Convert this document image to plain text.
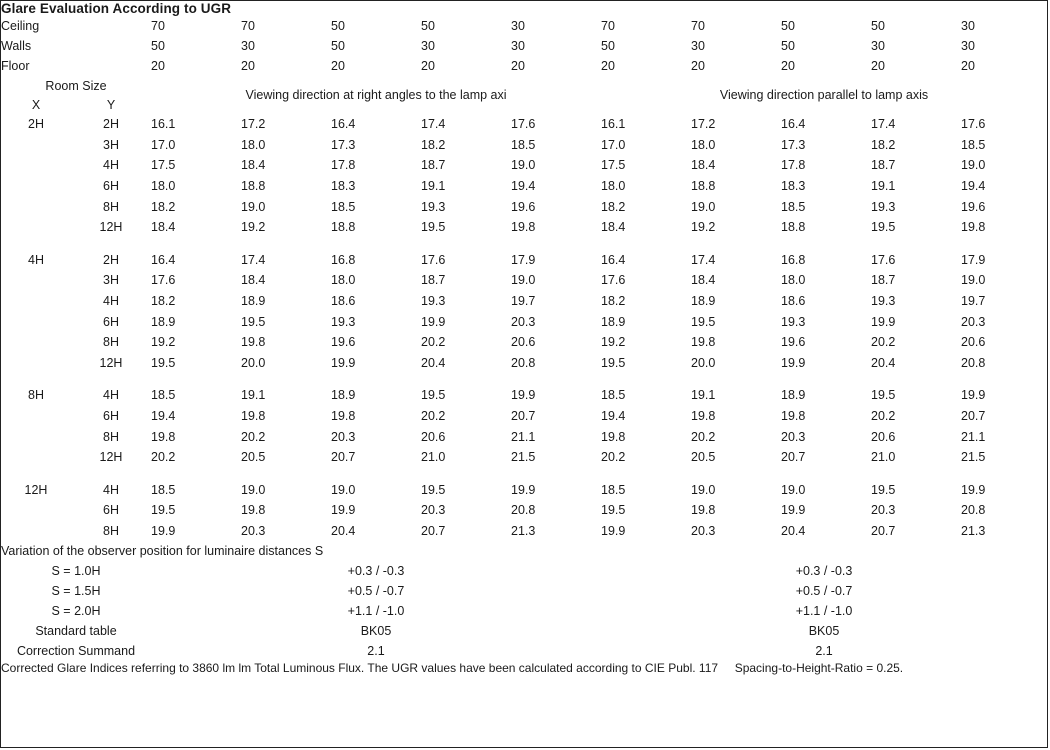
Glare Evaluation According to UGR											
Ceiling		70	70	50	50	30	70	70	50	50	30
Walls		50	30	50	30	30	50	30	50	30	30
Floor		20	20	20	20	20	20	20	20	20	20
Room Size		Viewing direction at right angles to the lamp axi					Viewing direction parallel to lamp axis				
X	Y										
2H	2H	16.1	17.2	16.4	17.4	17.6	16.1	17.2	16.4	17.4	17.6
	3H	17.0	18.0	17.3	18.2	18.5	17.0	18.0	17.3	18.2	18.5
	4H	17.5	18.4	17.8	18.7	19.0	17.5	18.4	17.8	18.7	19.0
	6H	18.0	18.8	18.3	19.1	19.4	18.0	18.8	18.3	19.1	19.4
	8H	18.2	19.0	18.5	19.3	19.6	18.2	19.0	18.5	19.3	19.6
	12H	18.4	19.2	18.8	19.5	19.8	18.4	19.2	18.8	19.5	19.8

4H	2H	16.4	17.4	16.8	17.6	17.9	16.4	17.4	16.8	17.6	17.9
	3H	17.6	18.4	18.0	18.7	19.0	17.6	18.4	18.0	18.7	19.0
	4H	18.2	18.9	18.6	19.3	19.7	18.2	18.9	18.6	19.3	19.7
	6H	18.9	19.5	19.3	19.9	20.3	18.9	19.5	19.3	19.9	20.3
	8H	19.2	19.8	19.6	20.2	20.6	19.2	19.8	19.6	20.2	20.6
	12H	19.5	20.0	19.9	20.4	20.8	19.5	20.0	19.9	20.4	20.8

8H	4H	18.5	19.1	18.9	19.5	19.9	18.5	19.1	18.9	19.5	19.9
	6H	19.4	19.8	19.8	20.2	20.7	19.4	19.8	19.8	20.2	20.7
	8H	19.8	20.2	20.3	20.6	21.1	19.8	20.2	20.3	20.6	21.1
	12H	20.2	20.5	20.7	21.0	21.5	20.2	20.5	20.7	21.0	21.5

12H	4H	18.5	19.0	19.0	19.5	19.9	18.5	19.0	19.0	19.5	19.9
	6H	19.5	19.8	19.9	20.3	20.8	19.5	19.8	19.9	20.3	20.8
	8H	19.9	20.3	20.4	20.7	21.3	19.9	20.3	20.4	20.7	21.3
Variation of the observer position for luminaire distances S											
S = 1.0H		+0.3 / -0.3					+0.3 / -0.3				
S = 1.5H		+0.5 / -0.7					+0.5 / -0.7				
S = 2.0H		+1.1 / -1.0					+1.1 / -1.0				
Standard table		BK05					BK05				
Correction Summand		2.1					2.1				
Corrected Glare Indices referring to 3860 lm lm Total Luminous Flux. The UGR values have been calculated according to CIE Publ. 117     Spacing-to-Height-Ratio = 0.25.											
